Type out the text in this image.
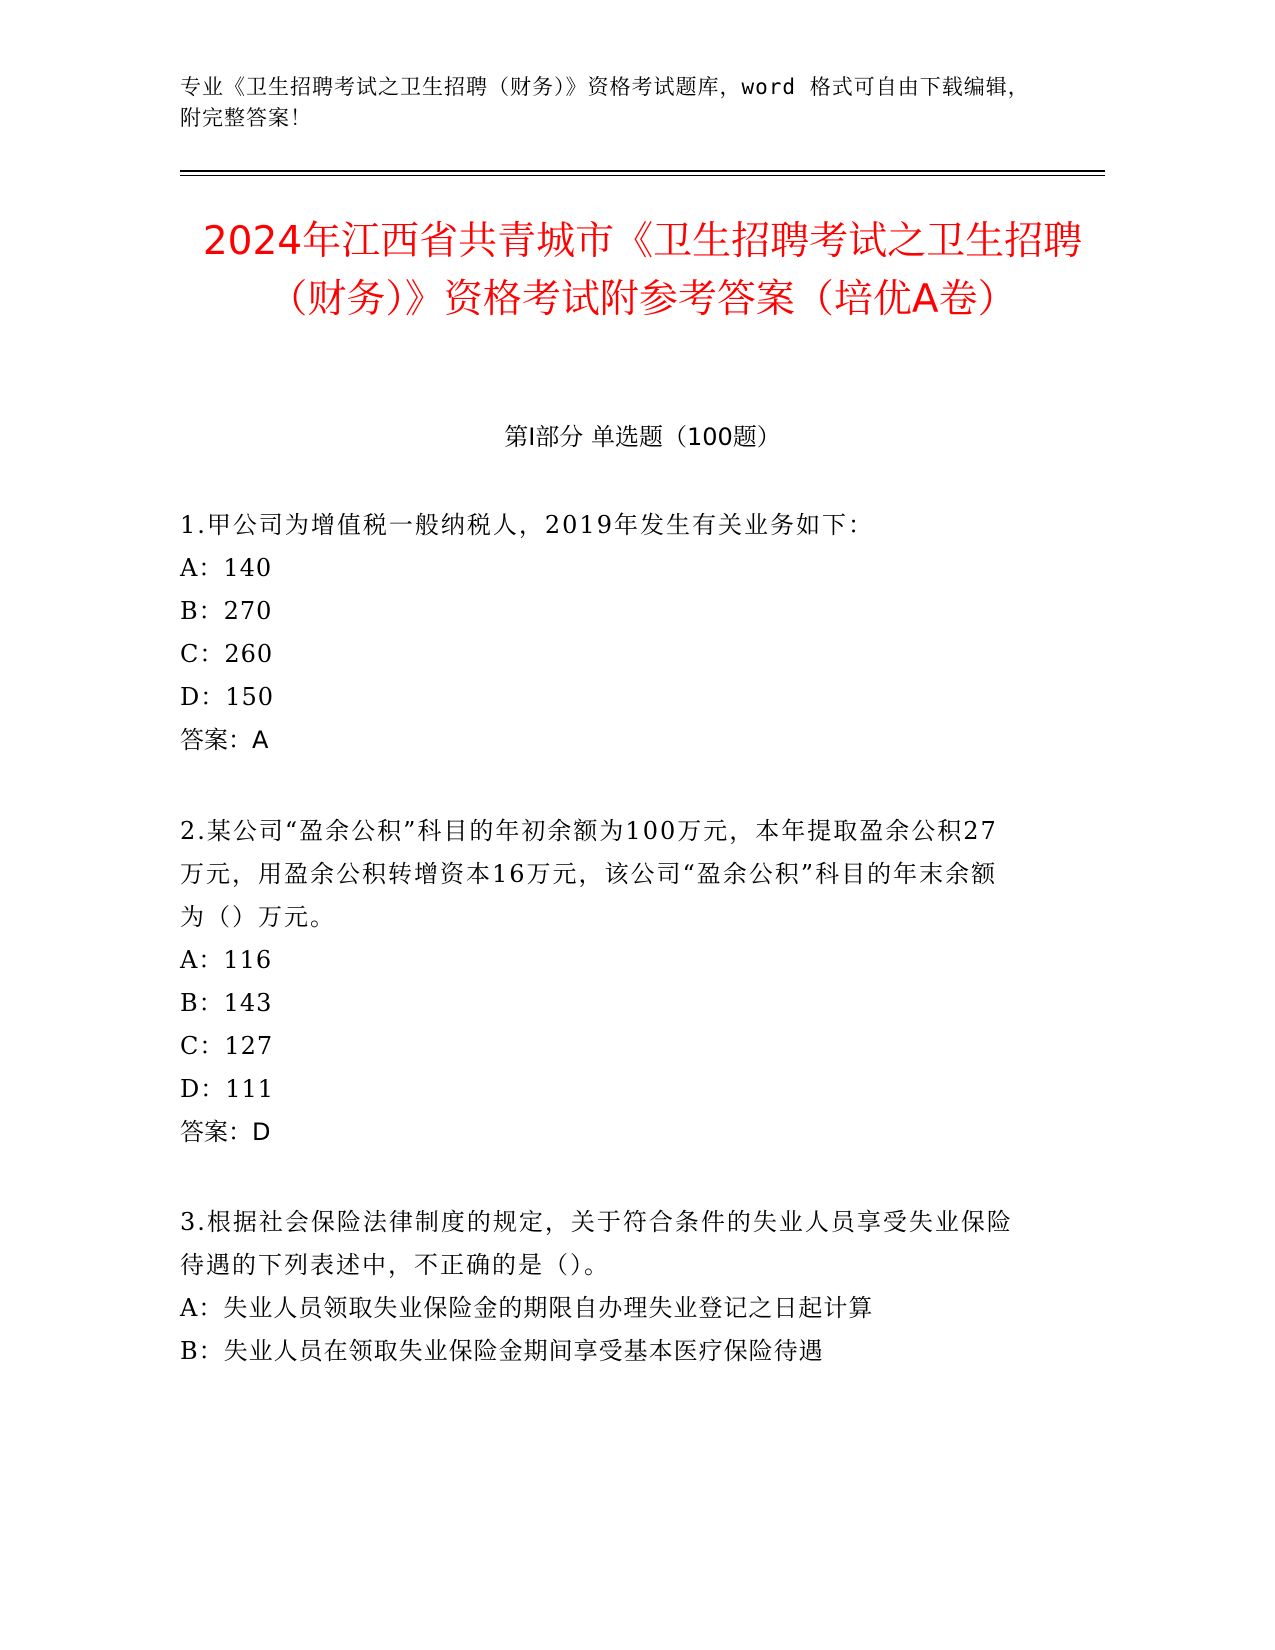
专业《卫生招聘考试之卫生招聘（财务）》资格考试题库，word 格式可自由下载编辑，附完整答案！
2024年江西省共青城市《卫生招聘考试之卫生招聘（财务）》资格考试附参考答案（培优A卷）
第Ⅰ部分 单选题（100题）
1.甲公司为增值税一般纳税人，2019年发生有关业务如下：
A：140
B：270
C：260
D：150
答案：A
2.某公司“盈余公积”科目的年初余额为100万元，本年提取盈余公积27万元，用盈余公积转增资本16万元，该公司“盈余公积”科目的年末余额为（）万元。
A：116
B：143
C：127
D：111
答案：D
3.根据社会保险法律制度的规定，关于符合条件的失业人员享受失业保险待遇的下列表述中，不正确的是（）。
A：失业人员领取失业保险金的期限自办理失业登记之日起计算
B：失业人员在领取失业保险金期间享受基本医疗保险待遇
